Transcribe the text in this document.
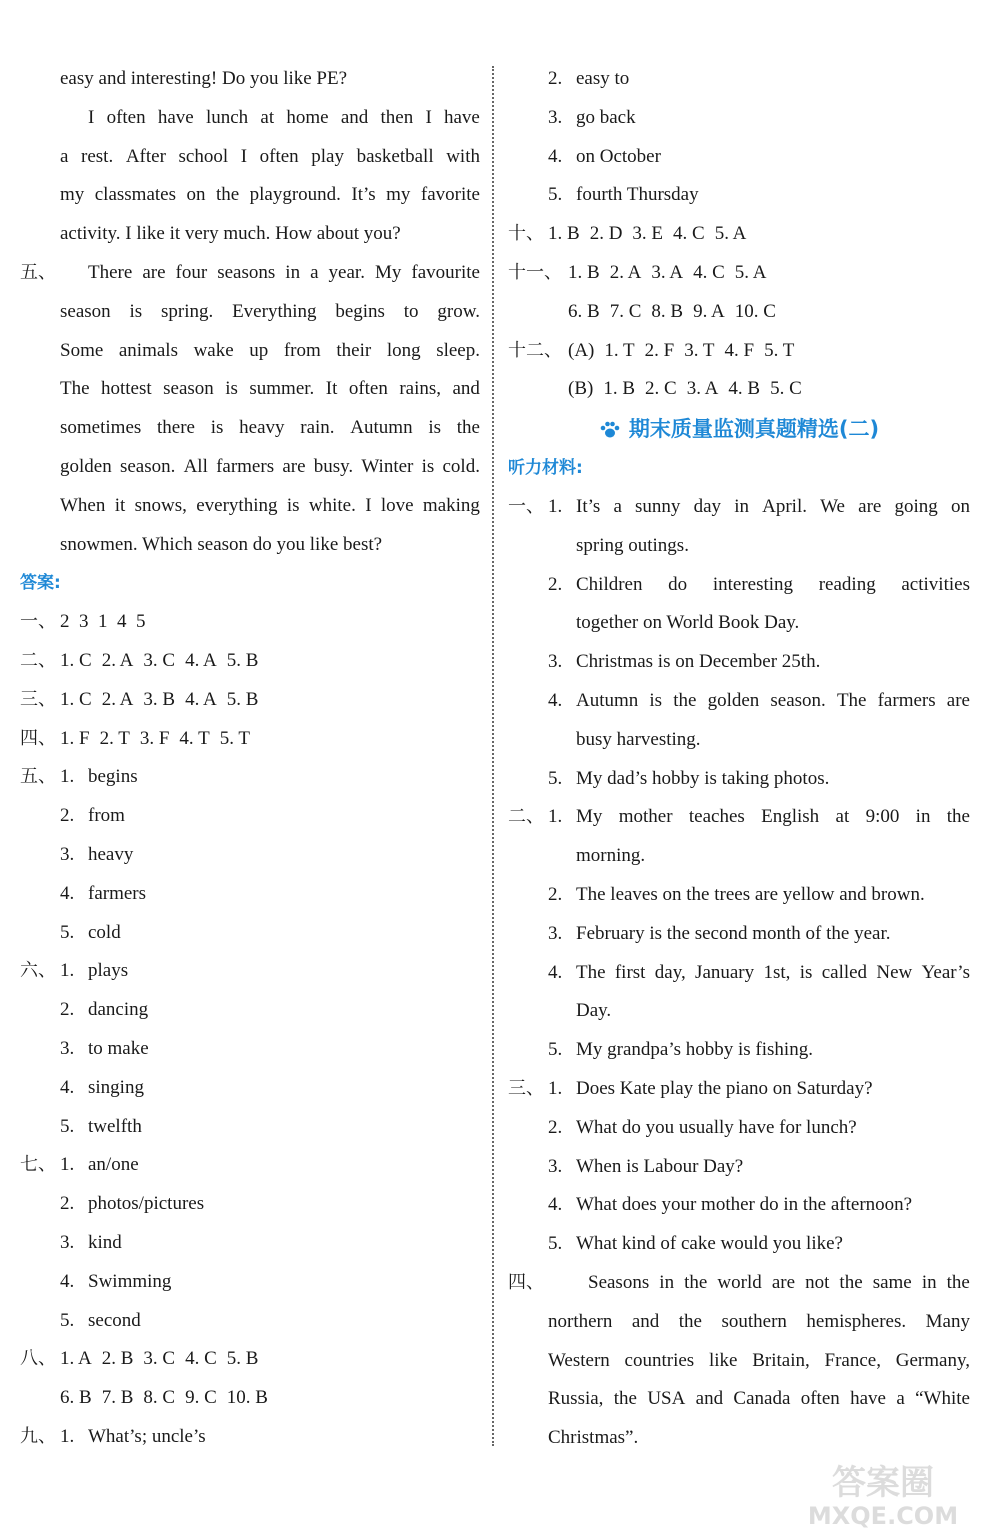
easy and interesting! Do you like PE?
I often have lunch at home and then I have
a rest. After school I often play basketball with
my classmates on the playground. It’s my favorite
activity. I like it very much. How about you?
There are four seasons in a year. My favourite
五、
season is spring. Everything begins to grow.
Some animals wake up from their long sleep.
The hottest season is summer. It often rains, and
sometimes there is heavy rain. Autumn is the
golden season. All farmers are busy. Winter is cold.
When it snows, everything is white. I love making
snowmen. Which season do you like best?
答案:
一、 2  3  1  4  5
二、 1. C 2. A 3. C 4. A 5. B
三、 1. C 2. A 3. B 4. A 5. B
四、 1. F 2. T 3. F 4. T 5. T
五、 1. begins
2. from
3. heavy
4. farmers
5. cold
六、 1. plays
2. dancing
3. to make
4. singing
5. twelfth
七、 1. an/one
2. photos/pictures
3. kind
4. Swimming
5. second
八、 1. A 2. B 3. C 4. C 5. B
6. B 7. B 8. C 9. C 10. B
九、 1. What’s; uncle’s
2. easy to
3. go back
4. on October
5. fourth Thursday
十、 1. B 2. D 3. E 4. C 5. A
十一、 1. B 2. A 3. A 4. C 5. A
6. B 7. C 8. B 9. A 10. C
十二、 (A) 1. T 2. F 3. T 4. F 5. T
(B) 1. B 2. C 3. A 4. B 5. C
期末质量监测真题精选(二)
听力材料:
一、 1. It’s a sunny day in April. We are going on
spring outings.
2. Children do interesting reading activities
together on World Book Day.
3. Christmas is on December 25th.
4. Autumn is the golden season. The farmers are
busy harvesting.
5. My dad’s hobby is taking photos.
二、 1. My mother teaches English at 9:00 in the
morning.
2. The leaves on the trees are yellow and brown.
3. February is the second month of the year.
4. The first day, January 1st, is called New Year’s
Day.
5. My grandpa’s hobby is fishing.
三、 1. Does Kate play the piano on Saturday?
2. What do you usually have for lunch?
3. When is Labour Day?
4. What does your mother do in the afternoon?
5. What kind of cake would you like?
Seasons in the world are not the same in the
四、
northern and the southern hemispheres. Many
Western countries like Britain, France, Germany,
Russia, the USA and Canada often have a “White
Christmas”.
答案圈
MXQE.COM
